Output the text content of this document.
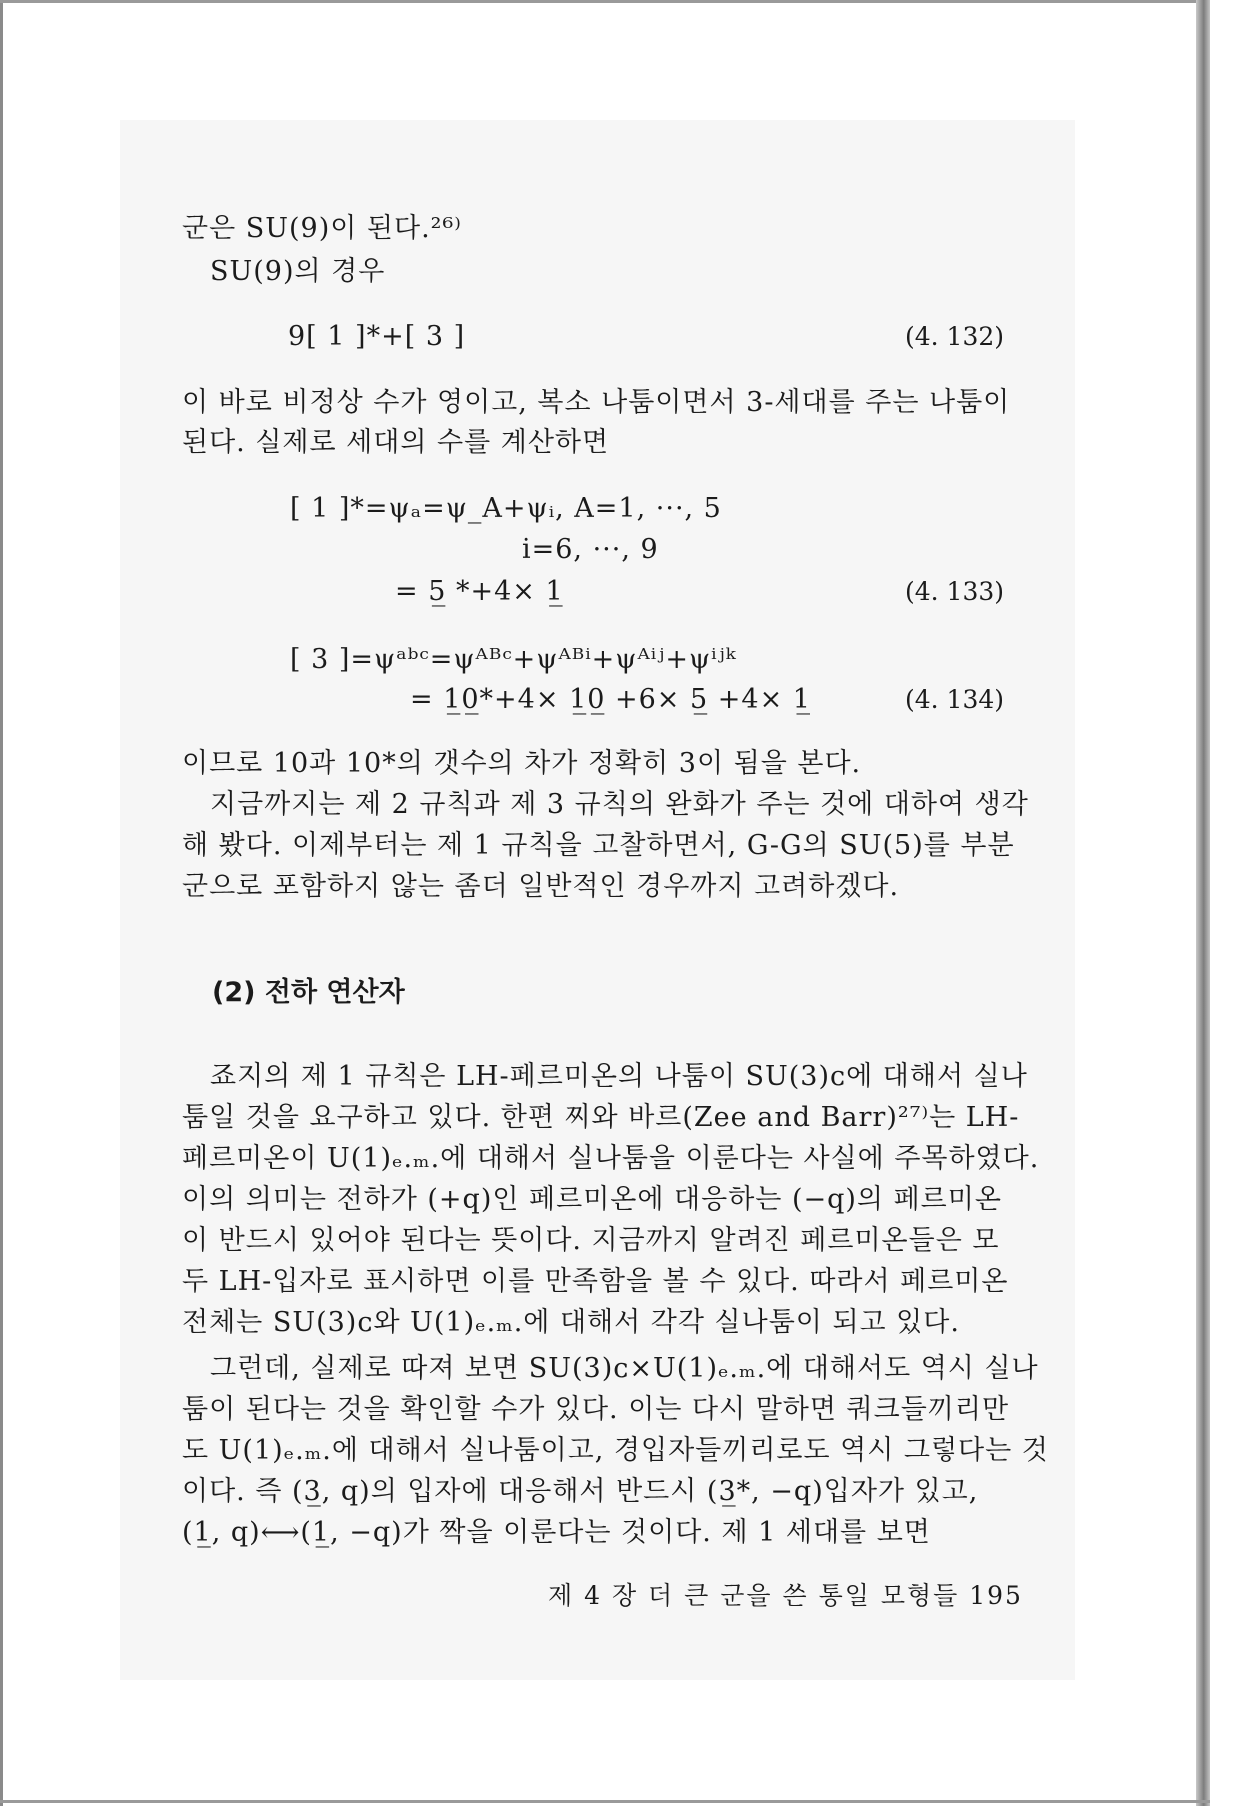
군은 SU(9)이 된다.²⁶⁾
SU(9)의 경우
9[ 1 ]*+[ 3 ]	(4. 132)
이 바로 비정상 수가 영이고, 복소 나툼이면서 3-세대를 주는 나툼이
된다. 실제로 세대의 수를 계산하면
[ 1 ]*=ψₐ=ψ_A+ψᵢ, A=1, ···, 5
i=6, ···, 9
= 5̲ *+4× 1̲	(4. 133)
[ 3 ]=ψᵃᵇᶜ=ψᴬᴮᶜ+ψᴬᴮⁱ+ψᴬⁱʲ+ψⁱʲᵏ
= 1̲0̲*+4× 1̲0̲ +6× 5̲ +4× 1̲	(4. 134)
이므로 10과 10*의 갯수의 차가 정확히 3이 됨을 본다.
지금까지는 제 2 규칙과 제 3 규칙의 완화가 주는 것에 대하여 생각
해 봤다. 이제부터는 제 1 규칙을 고찰하면서, G-G의 SU(5)를 부분
군으로 포함하지 않는 좀더 일반적인 경우까지 고려하겠다.
(2) 전하 연산자
죠지의 제 1 규칙은 LH-페르미온의 나툼이 SU(3)ᴄ에 대해서 실나
툼일 것을 요구하고 있다. 한편 찌와 바르(Zee and Barr)²⁷⁾는 LH-
페르미온이 U(1)ₑ.ₘ.에 대해서 실나툼을 이룬다는 사실에 주목하였다.
이의 의미는 전하가 (+q)인 페르미온에 대응하는 (−q)의 페르미온
이 반드시 있어야 된다는 뜻이다. 지금까지 알려진 페르미온들은 모
두 LH-입자로 표시하면 이를 만족함을 볼 수 있다. 따라서 페르미온
전체는 SU(3)ᴄ와 U(1)ₑ.ₘ.에 대해서 각각 실나툼이 되고 있다.
그런데, 실제로 따져 보면 SU(3)ᴄ×U(1)ₑ.ₘ.에 대해서도 역시 실나
툼이 된다는 것을 확인할 수가 있다. 이는 다시 말하면 쿼크들끼리만
도 U(1)ₑ.ₘ.에 대해서 실나툼이고, 경입자들끼리로도 역시 그렇다는 것
이다. 즉 (3̲, q)의 입자에 대응해서 반드시 (3̲*, −q)입자가 있고,
(1̲, q)⟷(1̲, −q)가 짝을 이룬다는 것이다. 제 1 세대를 보면
제 4 장 더 큰 군을 쓴 통일 모형들 195
